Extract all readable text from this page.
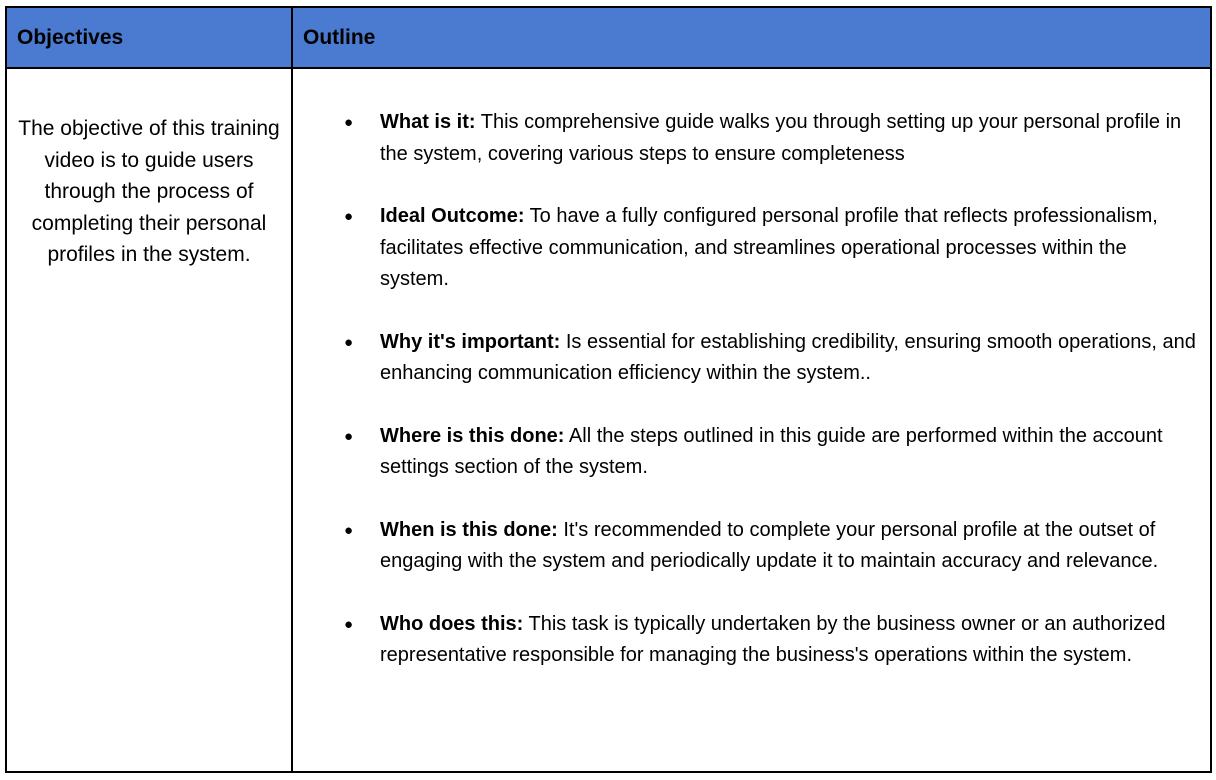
Objectives	Outline
The objective of this training video is to guide users through the process of completing their personal profiles in the system.
● What is it: This comprehensive guide walks you through setting up your personal profile in the system, covering various steps to ensure completeness
● Ideal Outcome: To have a fully configured personal profile that reflects professionalism, facilitates effective communication, and streamlines operational processes within the system.
● Why it's important: Is essential for establishing credibility, ensuring smooth operations, and enhancing communication efficiency within the system..
● Where is this done: All the steps outlined in this guide are performed within the account settings section of the system.
● When is this done: It's recommended to complete your personal profile at the outset of engaging with the system and periodically update it to maintain accuracy and relevance.
● Who does this: This task is typically undertaken by the business owner or an authorized representative responsible for managing the business's operations within the system.
